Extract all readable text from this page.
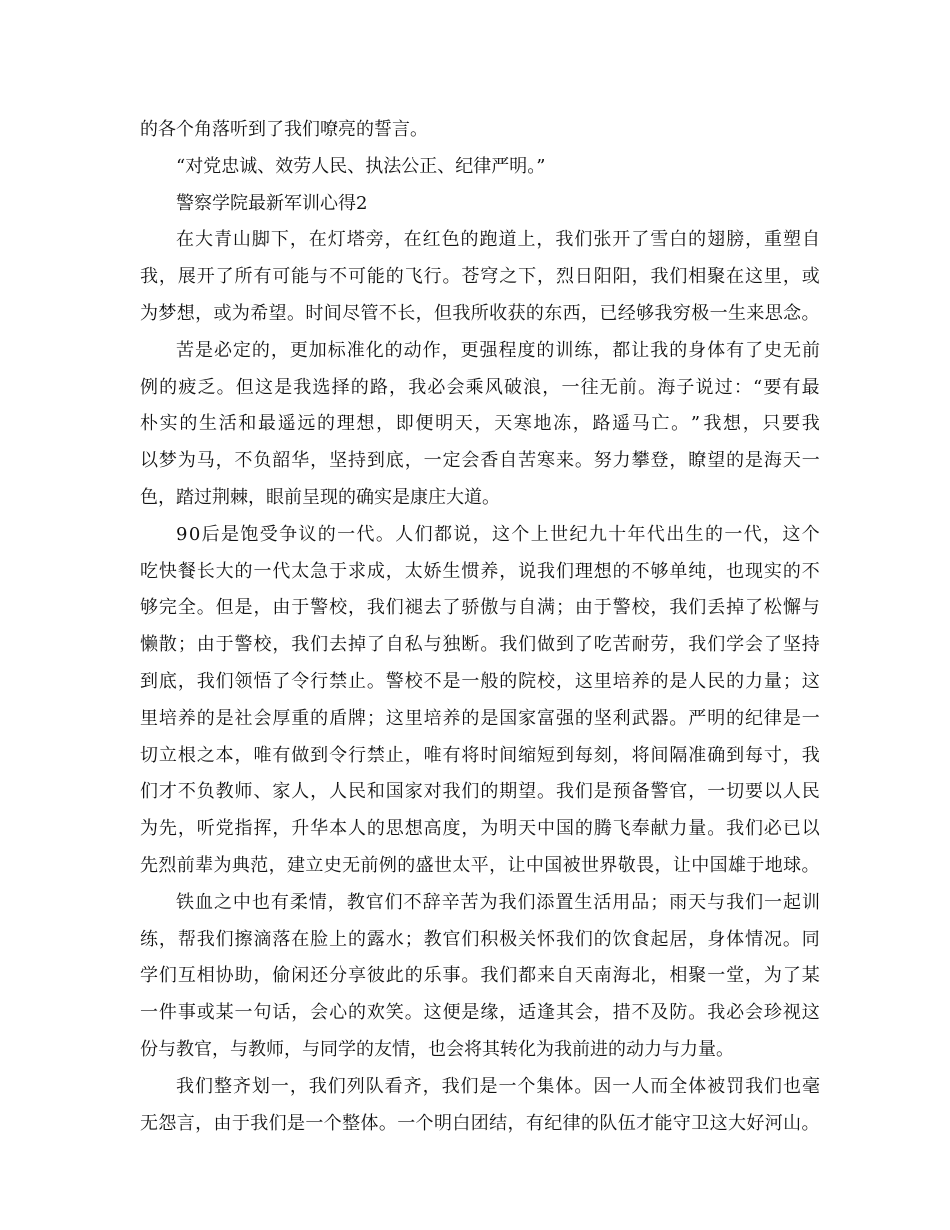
的各个角落听到了我们嘹亮的誓言。
“对党忠诚、效劳人民、执法公正、纪律严明。”
警察学院最新军训心得2
在 大 青 山 脚 下 ， 在 灯 塔 旁 ， 在 红 色 的 跑 道 上 ， 我 们 张 开 了 雪 白 的 翅 膀 ， 重 塑 自
我 ， 展 开 了 所 有 可 能 与 不 可 能 的 飞 行 。 苍 穹 之 下 ， 烈 日 阳 阳 ， 我 们 相 聚 在 这 里 ， 或
为 梦 想 ， 或 为 希 望 。 时 间 尽 管 不 长 ， 但 我 所 收 获 的 东 西 ， 已 经 够 我 穷 极 一 生 来 思 念 。
苦 是 必 定 的 ， 更 加 标 准 化 的 动 作 ， 更 强 程 度 的 训 练 ， 都 让 我 的 身 体 有 了 史 无 前
例 的 疲 乏 。 但 这 是 我 选 择 的 路 ， 我 必 会 乘 风 破 浪 ， 一 往 无 前 。 海 子 说 过 ： “ 要 有 最
朴 实 的 生 活 和 最 遥 远 的 理 想 ， 即 便 明 天 ， 天 寒 地 冻 ， 路 遥 马 亡 。 ” 我 想 ， 只 要 我
以 梦 为 马 ， 不 负 韶 华 ， 坚 持 到 底 ， 一 定 会 香 自 苦 寒 来 。 努 力 攀 登 ， 瞭 望 的 是 海 天 一
色，踏过荆棘，眼前呈现的确实是康庄大道。
9 0 后 是 饱 受 争 议 的 一 代 。 人 们 都 说 ， 这 个 上 世 纪 九 十 年 代 出 生 的 一 代 ， 这 个
吃 快 餐 长 大 的 一 代 太 急 于 求 成 ， 太 娇 生 惯 养 ， 说 我 们 理 想 的 不 够 单 纯 ， 也 现 实 的 不
够 完 全 。 但 是 ， 由 于 警 校 ， 我 们 褪 去 了 骄 傲 与 自 满 ； 由 于 警 校 ， 我 们 丢 掉 了 松 懈 与
懒 散 ； 由 于 警 校 ， 我 们 去 掉 了 自 私 与 独 断 。 我 们 做 到 了 吃 苦 耐 劳 ， 我 们 学 会 了 坚 持
到 底 ， 我 们 领 悟 了 令 行 禁 止 。 警 校 不 是 一 般 的 院 校 ， 这 里 培 养 的 是 人 民 的 力 量 ； 这
里 培 养 的 是 社 会 厚 重 的 盾 牌 ； 这 里 培 养 的 是 国 家 富 强 的 坚 利 武 器 。 严 明 的 纪 律 是 一
切 立 根 之 本 ， 唯 有 做 到 令 行 禁 止 ， 唯 有 将 时 间 缩 短 到 每 刻 ， 将 间 隔 准 确 到 每 寸 ， 我
们 才 不 负 教 师 、 家 人 ， 人 民 和 国 家 对 我 们 的 期 望 。 我 们 是 预 备 警 官 ， 一 切 要 以 人 民
为 先 ， 听 党 指 挥 ， 升 华 本 人 的 思 想 高 度 ， 为 明 天 中 国 的 腾 飞 奉 献 力 量 。 我 们 必 已 以
先 烈 前 辈 为 典 范 ， 建 立 史 无 前 例 的 盛 世 太 平 ， 让 中 国 被 世 界 敬 畏 ， 让 中 国 雄 于 地 球 。
铁 血 之 中 也 有 柔 情 ， 教 官 们 不 辞 辛 苦 为 我 们 添 置 生 活 用 品 ； 雨 天 与 我 们 一 起 训
练 ， 帮 我 们 擦 滴 落 在 脸 上 的 露 水 ； 教 官 们 积 极 关 怀 我 们 的 饮 食 起 居 ， 身 体 情 况 。 同
学 们 互 相 协 助 ， 偷 闲 还 分 享 彼 此 的 乐 事 。 我 们 都 来 自 天 南 海 北 ， 相 聚 一 堂 ， 为 了 某
一 件 事 或 某 一 句 话 ， 会 心 的 欢 笑 。 这 便 是 缘 ， 适 逢 其 会 ， 措 不 及 防 。 我 必 会 珍 视 这
份与教官，与教师，与同学的友情，也会将其转化为我前进的动力与力量。
我 们 整 齐 划 一 ， 我 们 列 队 看 齐 ， 我 们 是 一 个 集 体 。 因 一 人 而 全 体 被 罚 我 们 也 毫
无 怨 言 ， 由 于 我 们 是 一 个 整 体 。 一 个 明 白 团 结 ， 有 纪 律 的 队 伍 才 能 守 卫 这 大 好 河 山 。
